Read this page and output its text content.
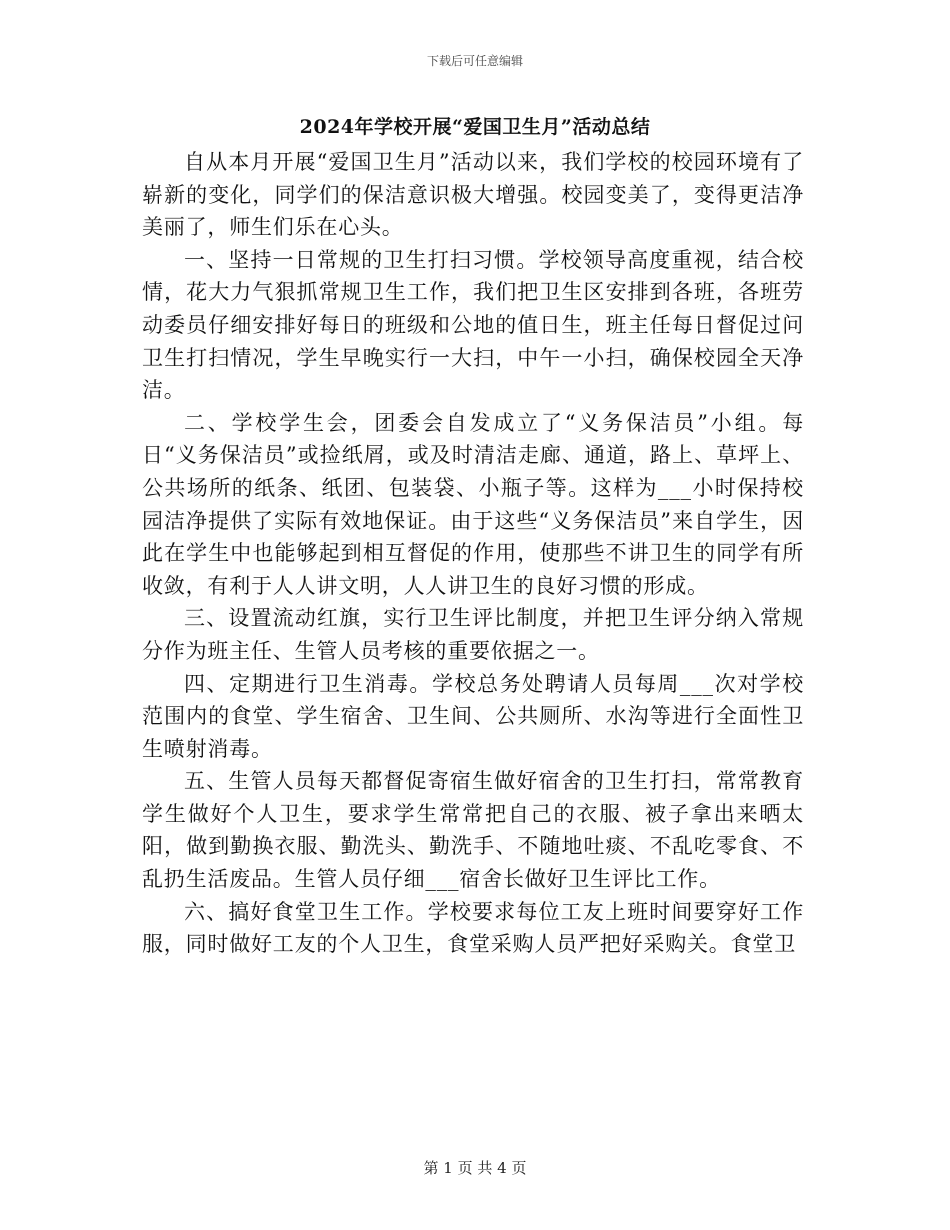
下载后可任意编辑
2024年学校开展“爱国卫生月”活动总结

自从本月开展“爱国卫生月”活动以来，我们学校的校园环境有了崭新的变化，同学们的保洁意识极大增强。校园变美了，变得更洁净美丽了，师生们乐在心头。

一、坚持一日常规的卫生打扫习惯。学校领导高度重视，结合校情，花大力气狠抓常规卫生工作，我们把卫生区安排到各班，各班劳动委员仔细安排好每日的班级和公地的值日生，班主任每日督促过问卫生打扫情况，学生早晚实行一大扫，中午一小扫，确保校园全天净洁。

二、学校学生会，团委会自发成立了“义务保洁员”小组。每日“义务保洁员”或捡纸屑，或及时清洁走廊、通道，路上、草坪上、公共场所的纸条、纸团、包装袋、小瓶子等。这样为___小时保持校园洁净提供了实际有效地保证。由于这些“义务保洁员”来自学生，因此在学生中也能够起到相互督促的作用，使那些不讲卫生的同学有所收敛，有利于人人讲文明，人人讲卫生的良好习惯的形成。

三、设置流动红旗，实行卫生评比制度，并把卫生评分纳入常规分作为班主任、生管人员考核的重要依据之一。

四、定期进行卫生消毒。学校总务处聘请人员每周___次对学校范围内的食堂、学生宿舍、卫生间、公共厕所、水沟等进行全面性卫生喷射消毒。

五、生管人员每天都督促寄宿生做好宿舍的卫生打扫，常常教育学生做好个人卫生，要求学生常常把自己的衣服、被子拿出来晒太阳，做到勤换衣服、勤洗头、勤洗手、不随地吐痰、不乱吃零食、不乱扔生活废品。生管人员仔细___宿舍长做好卫生评比工作。

六、搞好食堂卫生工作。学校要求每位工友上班时间要穿好工作服，同时做好工友的个人卫生，食堂采购人员严把好采购关。食堂卫

第 1 页 共 4 页
